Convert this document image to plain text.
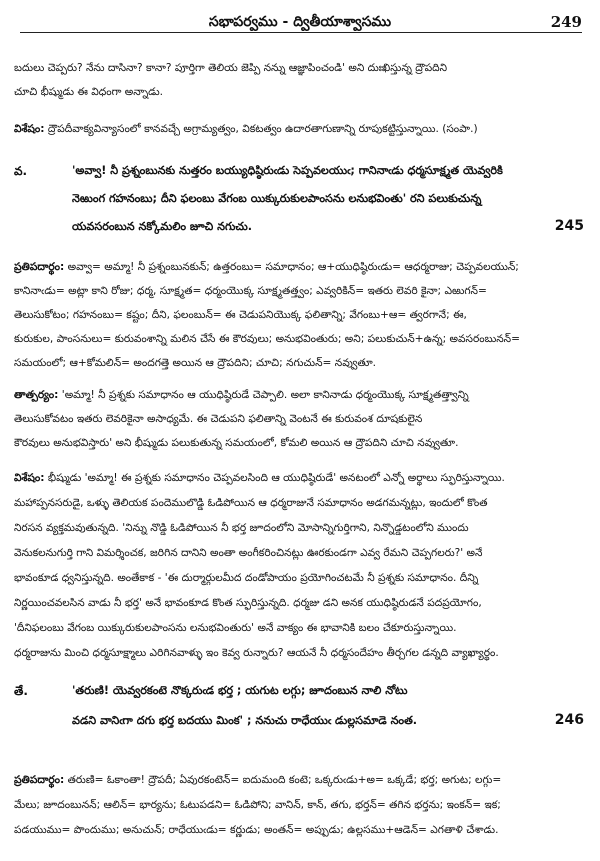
సభాపర్వము - ద్వితీయాశ్వాసము	249
బదులు చెప్పరు? నేను దాసినా? కానా? పూర్తిగా తెలియ జెప్పి నన్ను ఆజ్ఞాపించండి' అని దుఃఖిస్తున్న ద్రౌపదిని
చూచి భీష్ముడు ఈ విధంగా అన్నాడు.
విశేషం: ద్రౌపదీవాక్యవిన్యాసంలో కానవచ్చే అగ్రామ్యత్వం, వికటత్వం ఉదారతాగుణాన్ని రూపుకట్టిస్తున్నాయి. (సంపా.)
వ.	'అవ్వా! నీ ప్రశ్నంబునకు నుత్తరం బయ్యుధిష్ఠిరుఁడు సెప్పవలయుఁ; గానినాఁడు ధర్మసూక్ష్మత యెవ్వరికి
నెఱుంగ గహనంబు; దీని ఫలంబు వేగంబ యిక్కురుకులపాంసను లనుభవింతు' రని పలుకుచున్న
యవసరంబున నక్కోమలిం జూచి నగుచు.	245
ప్రతిపదార్థం: అవ్వా= అమ్మా! నీ ప్రశ్నంబునకున్; ఉత్తరంబు= సమాధానం; ఆ+యుధిష్ఠిరుఁడు= ఆధర్మరాజు; చెప్పవలయున్;
కానినాఁడు= అట్లా కాని రోజు; ధర్మ, సూక్ష్మత= ధర్మంయొక్క సూక్ష్మతత్త్వం; ఎవ్వరికిన్= ఇతరు లెవరి కైనా; ఎఱుగన్=
తెలుసుకోటం; గహనంబు= కష్టం; దీని, ఫలంబున్= ఈ చెడుపనియొక్క ఫలితాన్ని; వేగంబు+ఆ= త్వరగానే; ఈ,
కురుకుల, పాంసనులు= కురువంశాన్ని మలిన చేసే ఈ కౌరవులు; అనుభవింతురు; అని; పలుకుచున్+ఉన్న; అవసరంబునన్=
సమయంలో; ఆ+కోమలిన్= అందగత్తె అయిన ఆ ద్రౌపదిని; చూచి; నగుచున్= నవ్వుతూ.
తాత్పర్యం: 'అమ్మా! నీ ప్రశ్నకు సమాధానం ఆ యుధిష్ఠిరుడే చెప్పాలి. అలా కానినాడు ధర్మంయొక్క సూక్ష్మతత్త్వాన్ని
తెలుసుకోవటం ఇతరు లెవరికైనా అసాధ్యమే. ఈ చెడుపని ఫలితాన్ని వెంటనే ఈ కురువంశ దూషకులైన
కౌరవులు అనుభవిస్తారు' అని భీష్ముడు పలుకుతున్న సమయంలో, కోమలి అయిన ఆ ద్రౌపదిని చూచి నవ్వుతూ.
విశేషం: భీష్ముడు 'అమ్మా! ఈ ప్రశ్నకు సమాధానం చెప్పవలసింది ఆ యుధిష్ఠిరుడే' అనటంలో ఎన్నో అర్థాలు స్ఫురిస్తున్నాయి.
మహాప్పనసరుడై, ఒళ్ళు తెలియక పందెములొడ్డి ఓడిపోయిన ఆ ధర్మరాజునే సమాధానం అడగమన్నట్లు, ఇందులో కొంత
నిరసన వ్యక్తమవుతున్నది. 'నిన్ను నొడ్డి ఓడిపోయిన నీ భర్త జూదంలోని మోసాన్నిగుర్తిగాని, నిన్నొడ్డటంలోని ముందు
వెనుకలనుగుర్తి గాని విమర్శించక, జరిగిన దానిని అంతా అంగీకరించినట్లు ఊరకుండగా ఎవ్వ రేమని చెప్పగలరు?' అనే
భావంకూడ ధ్వనిస్తున్నది. అంతేకాక - 'ఈ దుర్మార్గులమీద దండోపాయం ప్రయోగించటమే నీ ప్రశ్నకు సమాధానం. దీన్ని
నిర్ణయించవలసిన వాడు నీ భర్త' అనే భావంకూడ కొంత స్ఫురిస్తున్నది. ధర్మజు డని అనక యుధిష్ఠిరుడనే పదప్రయోగం,
'దీనిఫలంబు వేగంబ యిక్కురుకులపాంసను లనుభవింతురు' అనే వాక్యం ఈ భావానికి బలం చేకూరుస్తున్నాయి.
ధర్మరాజును మించి ధర్మసూక్ష్మాలు ఎరిగినవాళ్ళు ఇం కెవ్వ రున్నారు? ఆయనే నీ ధర్మసందేహం తీర్చగల డన్నది వ్యాఖ్యార్థం.
తే.	'తరుణి! యెవ్వరకంటె నొక్కరుఁడ భర్త ; యగుట లగ్గు; జూదంబున నాలి నోటు
వడని వానిఁగా దగు భర్త బదయు మింక' ; ననుచు రాధేయుఁ డుల్లసమాడె నంత.	246
ప్రతిపదార్థం: తరుణి= ఓకాంతా! ద్రౌపదీ; ఏవురకంటెన్= ఐదుమంది కంటె; ఒక్కరుఁడు+అ= ఒక్కడే; భర్త; అగుట; లగ్గు=
మేలు; జూదంబునన్; ఆలిన్= భార్యను; ఓటుపడని= ఓడిపోని; వానిన్, కాన్, తగు, భర్తన్= తగిన భర్తను; ఇంకన్= ఇక;
పడయుము= పొందుము; అనుచున్; రాధేయుఁడు= కర్ణుడు; అంతన్= అప్పుడు; ఉల్లసము+ఆడెన్= ఎగతాళి చేశాడు.
